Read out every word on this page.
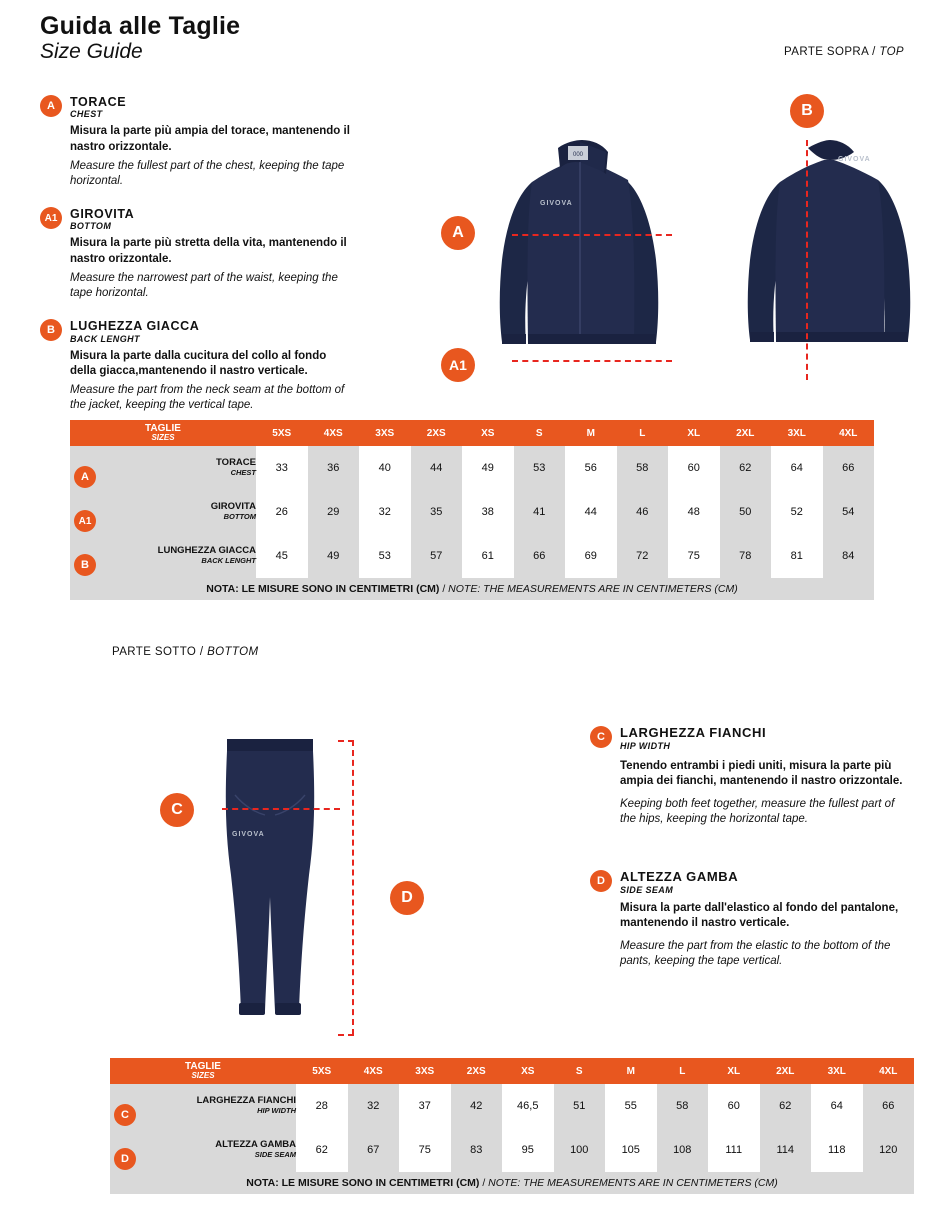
Guida alle Taglie
Size Guide	PARTE SOPRA / TOP
A	TORACE
CHEST
Misura la parte più ampia del torace, mantenendo il nastro orizzontale.
Measure the fullest part of the chest, keeping the tape horizontal.
A1	GIROVITA
BOTTOM
Misura la parte più stretta della vita, mantenendo il nastro orizzontale.
Measure the narrowest part of the waist, keeping the tape horizontal.
B	LUGHEZZA GIACCA
BACK LENGHT
Misura la parte dalla cucitura del collo al fondo della giacca,mantenendo il nastro verticale.
Measure the part from the neck seam at the bottom of the jacket, keeping the vertical tape.
000
GIVOVA
GIVOVA
A
A1
B
TAGLIE
SIZES	5XS	4XS	3XS	2XS	XS	S	M	L	XL	2XL	3XL	4XL
TORACE
CHEST	33	36	40	44	49	53	56	58	60	62	64	66
GIROVITA
BOTTOM	26	29	32	35	38	41	44	46	48	50	52	54
LUNGHEZZA GIACCA
BACK LENGHT	45	49	53	57	61	66	69	72	75	78	81	84
NOTA: LE MISURE SONO IN CENTIMETRI (CM) / NOTE: THE MEASUREMENTS ARE IN CENTIMETERS (CM)												
A
A1
B
PARTE SOTTO / BOTTOM
GIVOVA
C
D
C	LARGHEZZA FIANCHI
HIP WIDTH
Tenendo entrambi i piedi uniti, misura la parte più ampia dei fianchi, mantenendo il nastro orizzontale.
Keeping both feet together, measure the fullest part of the hips, keeping the horizontal tape.
D	ALTEZZA GAMBA
SIDE SEAM
Misura la parte dall'elastico al fondo del pantalone, mantenendo il nastro verticale.
Measure the part from the elastic to the bottom of the pants, keeping the tape vertical.
TAGLIE
SIZES	5XS	4XS	3XS	2XS	XS	S	M	L	XL	2XL	3XL	4XL
LARGHEZZA FIANCHI
HIP WIDTH	28	32	37	42	46,5	51	55	58	60	62	64	66
ALTEZZA GAMBA
SIDE SEAM	62	67	75	83	95	100	105	108	111	114	118	120
NOTA: LE MISURE SONO IN CENTIMETRI (CM) / NOTE: THE MEASUREMENTS ARE IN CENTIMETERS (CM)												
C
D
